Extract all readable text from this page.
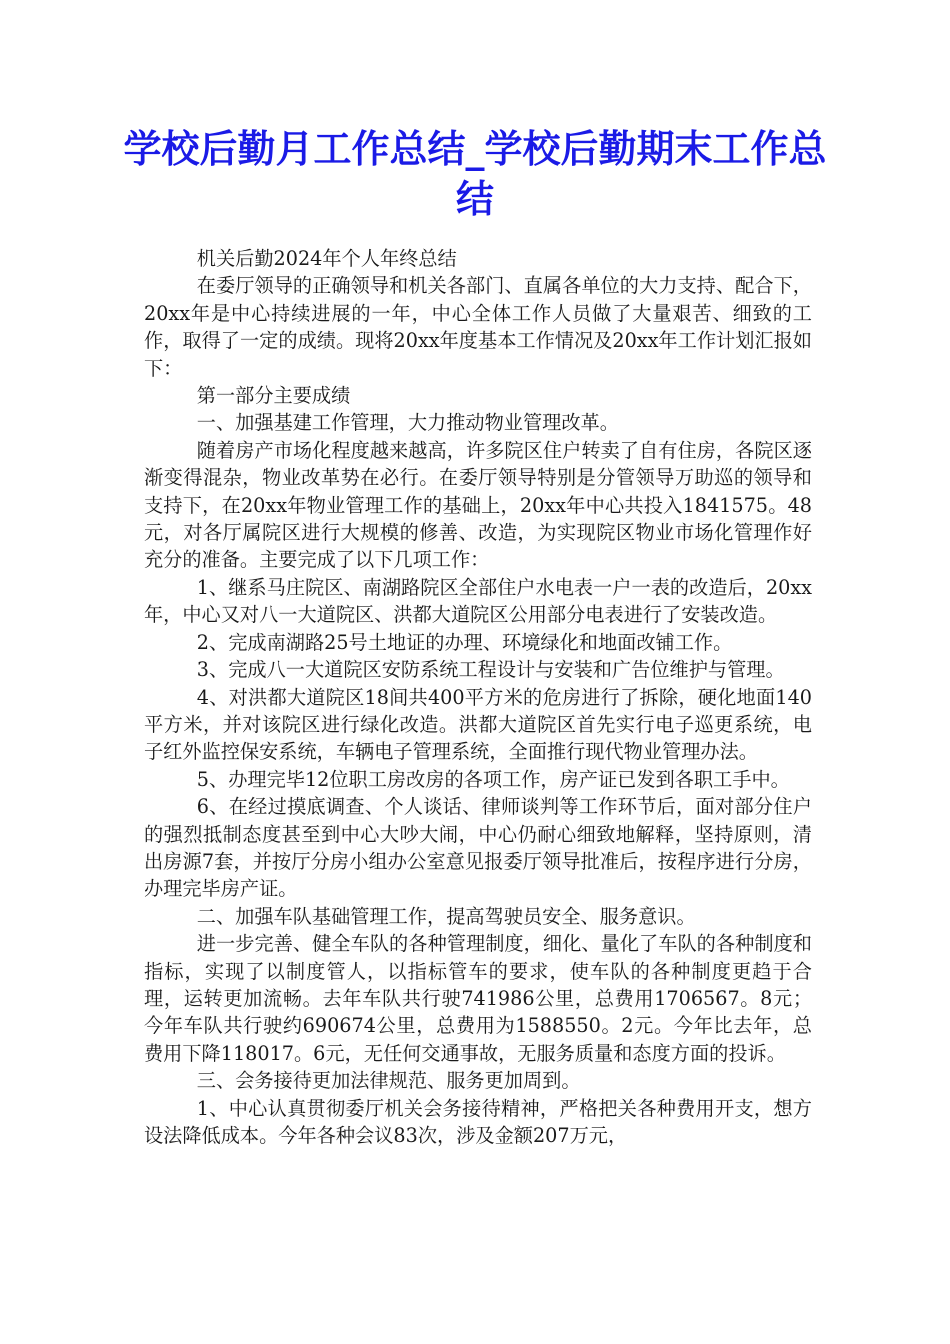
学校后勤月工作总结_学校后勤期末工作总结

机关后勤2024年个人年终总结

在委厅领导的正确领导和机关各部门、直属各单位的大力支持、配合下，20xx年是中心持续进展的一年，中心全体工作人员做了大量艰苦、细致的工作，取得了一定的成绩。现将20xx年度基本工作情况及20xx年工作计划汇报如下：

第一部分主要成绩

一、加强基建工作管理，大力推动物业管理改革。

随着房产市场化程度越来越高，许多院区住户转卖了自有住房，各院区逐渐变得混杂，物业改革势在必行。在委厅领导特别是分管领导万助巡的领导和支持下，在20xx年物业管理工作的基础上，20xx年中心共投入1841575。48元，对各厅属院区进行大规模的修善、改造，为实现院区物业市场化管理作好充分的准备。主要完成了以下几项工作：

1、继系马庄院区、南湖路院区全部住户水电表一户一表的改造后，20xx年，中心又对八一大道院区、洪都大道院区公用部分电表进行了安装改造。

2、完成南湖路25号土地证的办理、环境绿化和地面改铺工作。

3、完成八一大道院区安防系统工程设计与安装和广告位维护与管理。

4、对洪都大道院区18间共400平方米的危房进行了拆除，硬化地面140平方米，并对该院区进行绿化改造。洪都大道院区首先实行电子巡更系统，电子红外监控保安系统，车辆电子管理系统，全面推行现代物业管理办法。

5、办理完毕12位职工房改房的各项工作，房产证已发到各职工手中。

6、在经过摸底调查、个人谈话、律师谈判等工作环节后，面对部分住户的强烈抵制态度甚至到中心大吵大闹，中心仍耐心细致地解释，坚持原则，清出房源7套，并按厅分房小组办公室意见报委厅领导批准后，按程序进行分房，办理完毕房产证。

二、加强车队基础管理工作，提高驾驶员安全、服务意识。

进一步完善、健全车队的各种管理制度，细化、量化了车队的各种制度和指标，实现了以制度管人，以指标管车的要求，使车队的各种制度更趋于合理，运转更加流畅。去年车队共行驶741986公里，总费用1706567。8元；今年车队共行驶约690674公里，总费用为1588550。2元。今年比去年，总费用下降118017。6元，无任何交通事故，无服务质量和态度方面的投诉。

三、会务接待更加法律规范、服务更加周到。

1、中心认真贯彻委厅机关会务接待精神，严格把关各种费用开支，想方设法降低成本。今年各种会议83次，涉及金额207万元，
